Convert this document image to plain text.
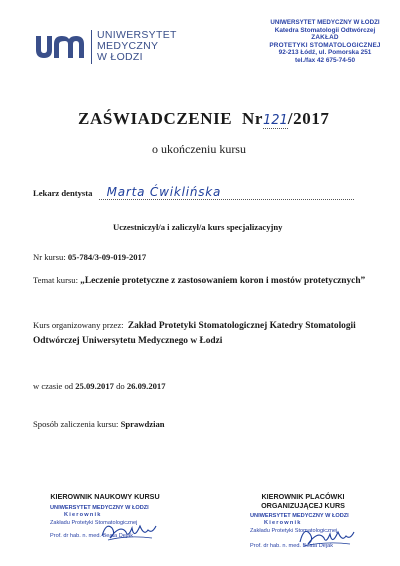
UNIWERSYTET
MEDYCZNY
W ŁODZI
UNIWERSYTET MEDYCZNY W ŁODZI
Katedra Stomatologii Odtwórczej
ZAKŁAD
PROTETYKI STOMATOLOGICZNEJ
92-213 Łódź, ul. Pomorska 251
tel./fax 42 675-74-50
ZAŚWIADCZENIE Nr121/2017
o ukończeniu kursu
Lekarz dentysta Marta Ćwiklińska
Uczestniczył/a i zaliczył/a kurs specjalizacyjny
Nr kursu: 05-784/3-09-019-2017
Temat kursu: „Leczenie protetyczne z zastosowaniem koron i mostów protetycznych”
Kurs organizowany przez: Zakład Protetyki Stomatologicznej Katedry Stomatologii Odtwórczej Uniwersytetu Medycznego w Łodzi
w czasie od 25.09.2017 do 26.09.2017
Sposób zaliczenia kursu: Sprawdzian
KIEROWNIK NAUKOWY KURSU
UNIWERSYTET MEDYCZNY W ŁODZI
Kierownik
Zakładu Protetyki Stomatologicznej
Prof. dr hab. n. med. Beata Dejak
KIEROWNIK PLACÓWKI
ORGANIZUJĄCEJ KURS
UNIWERSYTET MEDYCZNY W ŁODZI
Kierownik
Zakładu Protetyki Stomatologicznej
Prof. dr hab. n. med. Beata Dejak
